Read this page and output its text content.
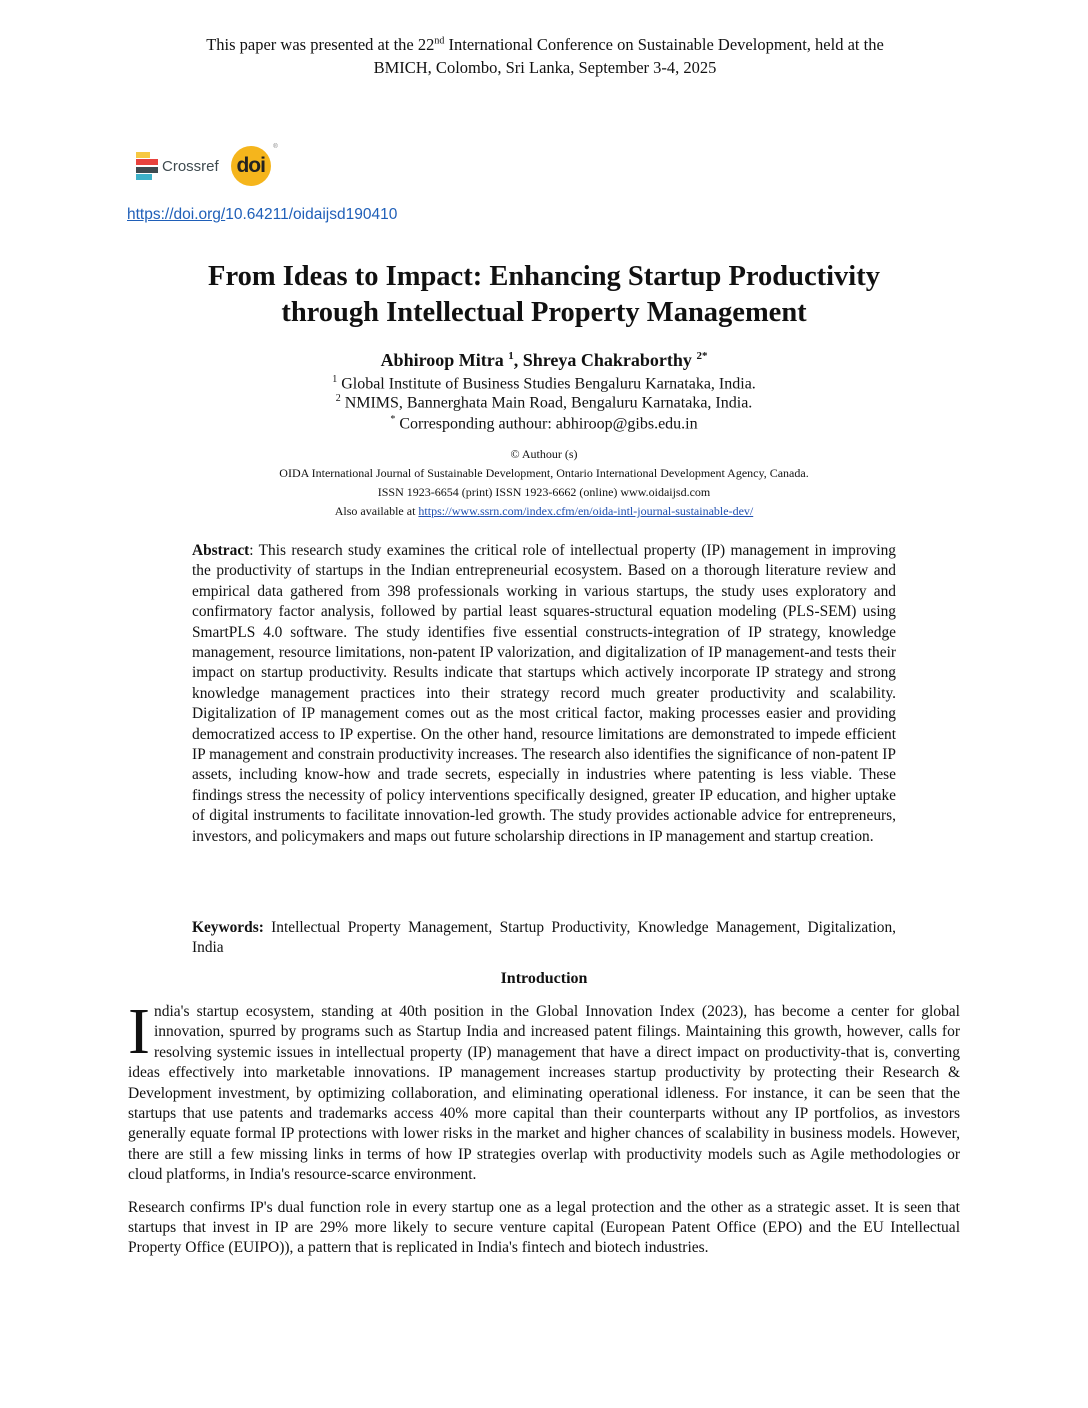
This paper was presented at the 22nd International Conference on Sustainable Development, held at the
BMICH, Colombo, Sri Lanka, September 3-4, 2025
Crossref doi
®
https://doi.org/10.64211/oidaijsd190410
From Ideas to Impact: Enhancing Startup Productivity
through Intellectual Property Management
Abhiroop Mitra $^1$, Shreya Chakraborthy $^{2*}$
$^1$ Global Institute of Business Studies Bengaluru Karnataka, India.
$^2$ NMIMS, Bannerghata Main Road, Bengaluru Karnataka, India.
* Corresponding authour: abhiroop@gibs.edu.in
© Authour (s)
OIDA International Journal of Sustainable Development, Ontario International Development Agency, Canada.
ISSN 1923-6654 (print) ISSN 1923-6662 (online) www.oidaijsd.com
Also available at https://www.ssrn.com/index.cfm/en/oida-intl-journal-sustainable-dev/
Abstract: This research study examines the critical role of intellectual property (IP) management in improving the productivity of startups in the Indian entrepreneurial ecosystem. Based on a thorough literature review and empirical data gathered from 398 professionals working in various startups, the study uses exploratory and confirmatory factor analysis, followed by partial least squares-structural equation modeling (PLS-SEM) using SmartPLS 4.0 software. The study identifies five essential constructs-integration of IP strategy, knowledge management, resource limitations, non-patent IP valorization, and digitalization of IP management-and tests their impact on startup productivity. Results indicate that startups which actively incorporate IP strategy and strong knowledge management practices into their strategy record much greater productivity and scalability. Digitalization of IP management comes out as the most critical factor, making processes easier and providing democratized access to IP expertise. On the other hand, resource limitations are demonstrated to impede efficient IP management and constrain productivity increases. The research also identifies the significance of non-patent IP assets, including know-how and trade secrets, especially in industries where patenting is less viable. These findings stress the necessity of policy interventions specifically designed, greater IP education, and higher uptake of digital instruments to facilitate innovation-led growth. The study provides actionable advice for entrepreneurs, investors, and policymakers and maps out future scholarship directions in IP management and startup creation.
Keywords: Intellectual Property Management, Startup Productivity, Knowledge Management, Digitalization, India
Introduction

India's startup ecosystem, standing at 40th position in the Global Innovation Index (2023), has become a center for global innovation, spurred by programs such as Startup India and increased patent filings. Maintaining this growth, however, calls for resolving systemic issues in intellectual property (IP) management that have a direct impact on productivity-that is, converting ideas effectively into marketable innovations. IP management increases startup productivity by protecting their Research & Development investment, by optimizing collaboration, and eliminating operational idleness. For instance, it can be seen that the startups that use patents and trademarks access 40% more capital than their counterparts without any IP portfolios, as investors generally equate formal IP protections with lower risks in the market and higher chances of scalability in business models. However, there are still a few missing links in terms of how IP strategies overlap with productivity models such as Agile methodologies or cloud platforms, in India's resource-scarce environment.

Research confirms IP's dual function role in every startup one as a legal protection and the other as a strategic asset. It is seen that startups that invest in IP are 29% more likely to secure venture capital (European Patent Office (EPO) and the EU Intellectual Property Office (EUIPO)), a pattern that is replicated in India's fintech and biotech industries.
